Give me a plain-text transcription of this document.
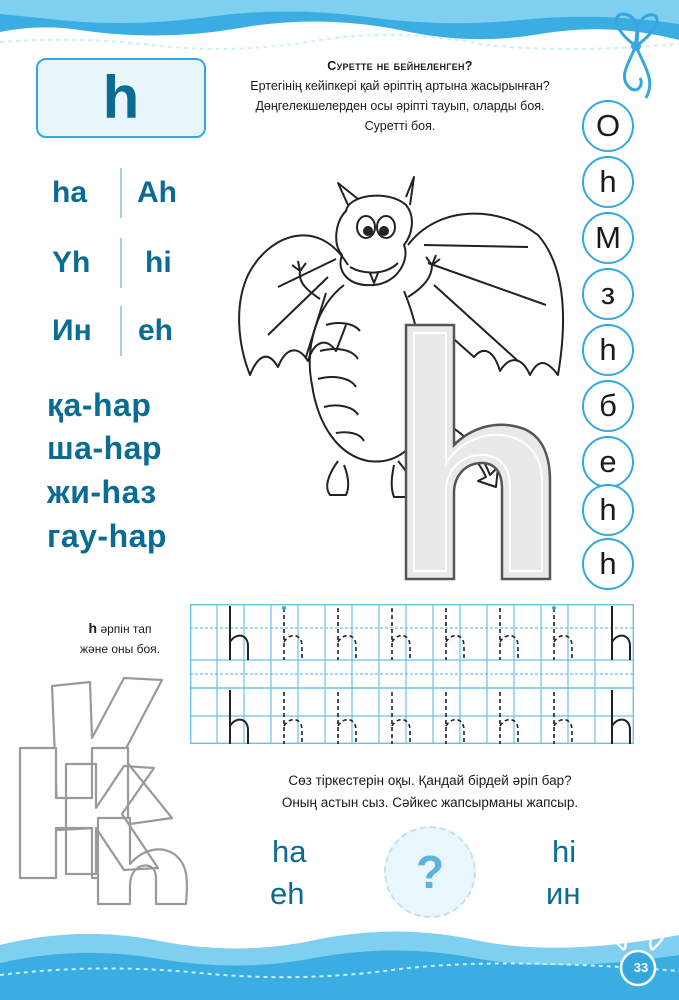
h	Суретте не бейнеленген?
Ертегінің кейіпкері қай әріптің артына жасырынған?
Дөңгелекшелерден осы әріпті тауып, оларды боя.
Суретті боя.
ha Ah
Yh hi
Ин eh
қа-hар
ша-hар
жи-hаз
гау-hар
O
h
M
з
h
б
е
h
h
h әрпін тап
және оны боя.
Сөз тіркестерін оқы. Қандай бірдей әріп бар?
Оның астын сыз. Сәйкес жапсырманы жапсыр.
ha
eh
hi
ин
?
33
